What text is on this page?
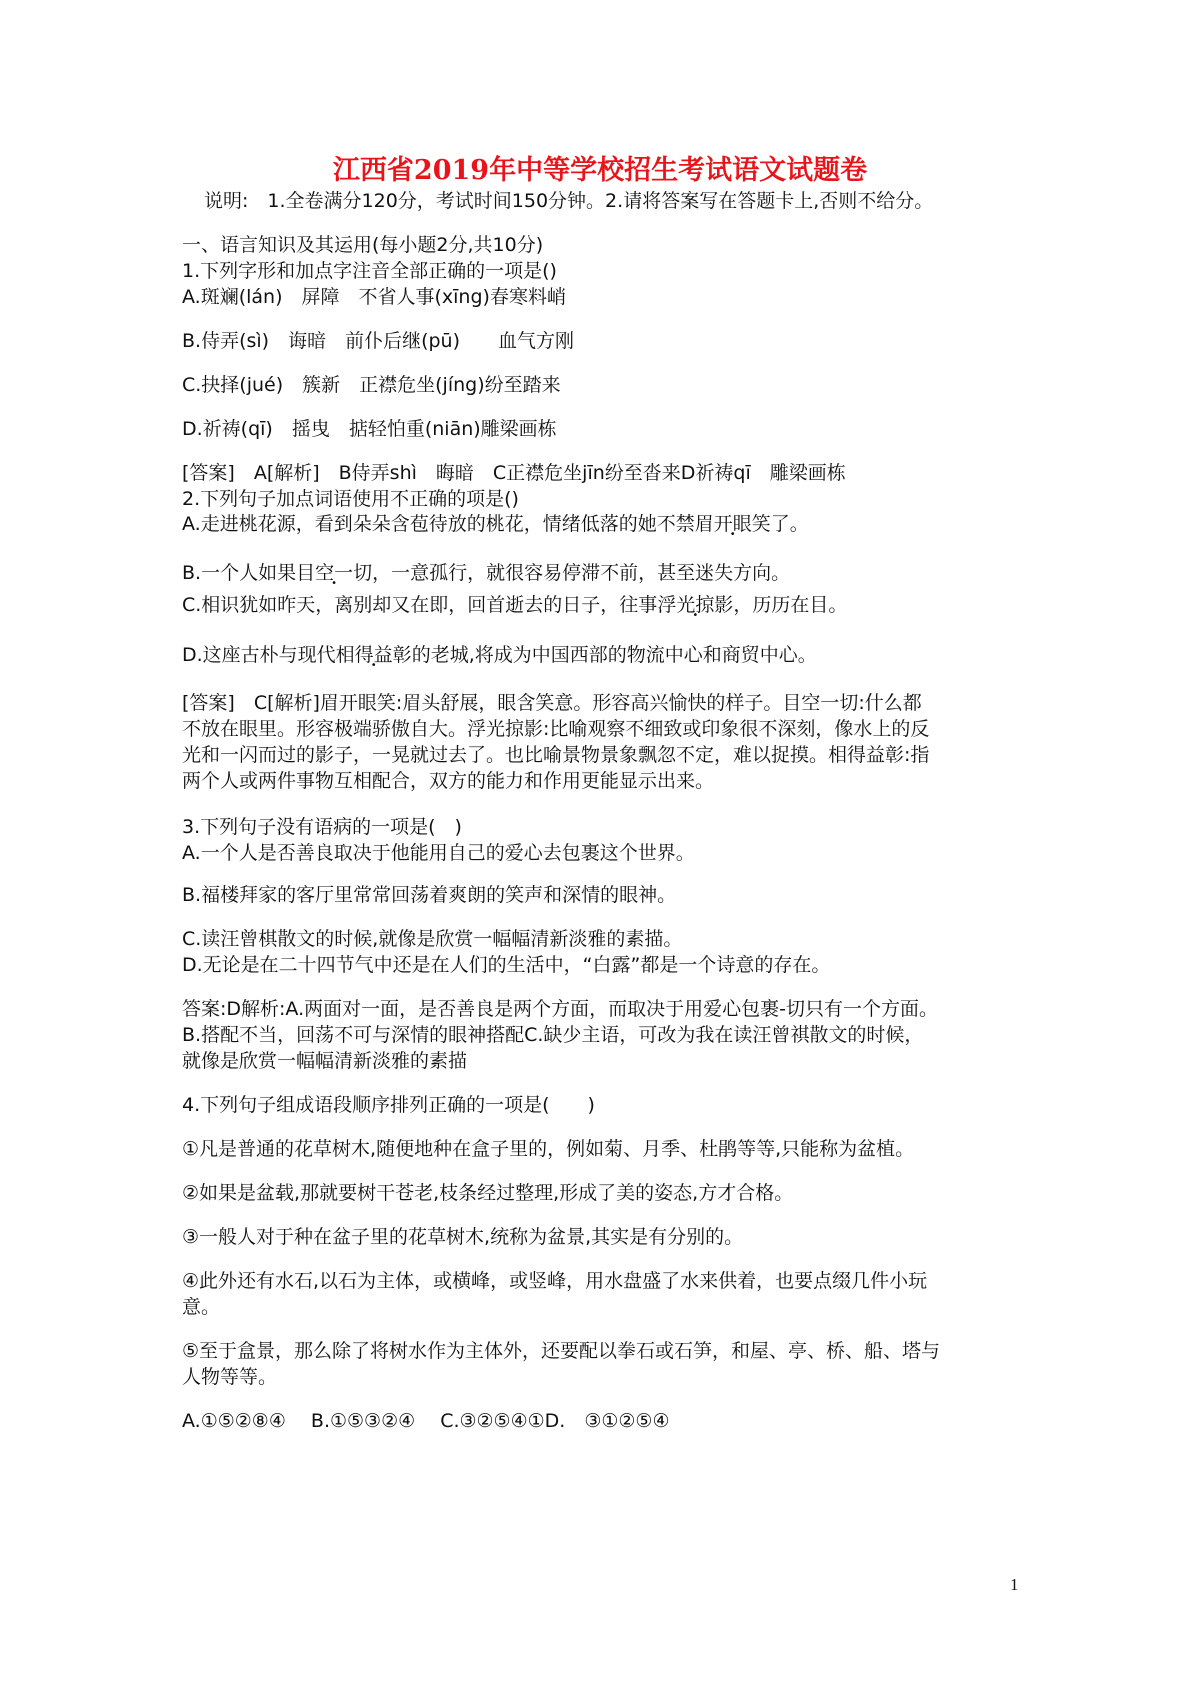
江西省2019年中等学校招生考试语文试题卷
说明:　1.全卷满分120分，考试时间150分钟。2.请将答案写在答题卡上,否则不给分。
一、语言知识及其运用(每小题2分,共10分)
1.下列字形和加点字注音全部正确的一项是()
A.斑斓(lán)　屏障　不省人事(xīng)春寒料峭
B.侍弄(sì)　诲暗　前仆后继(pū)　　血气方刚
C.抉择(jué)　簇新　正襟危坐(jíng)纷至踏来
D.祈祷(qī)　摇曳　掂轻怕重(niān)雕梁画栋
[答案]　A[解析]　B侍弄shì　晦暗　C正襟危坐jīn纷至沓来D祈祷qī　雕梁画栋
2.下列句子加点词语使用不正确的项是()
A.走进桃花源，看到朵朵含苞待放的桃花，情绪低落的她不禁眉开眼笑了。
B.一个人如果目空一切，一意孤行，就很容易停滞不前，甚至迷失方向。
C.相识犹如昨天，离别却又在即，回首逝去的日子，往事浮光掠影，历历在目。
D.这座古朴与现代相得益彰的老城,将成为中国西部的物流中心和商贸中心。
[答案]　C[解析]眉开眼笑:眉头舒展，眼含笑意。形容高兴愉快的样子。目空一切:什么都
不放在眼里。形容极端骄傲自大。浮光掠影:比喻观察不细致或印象很不深刻，像水上的反
光和一闪而过的影子，一晃就过去了。也比喻景物景象飘忽不定，难以捉摸。相得益彰:指
两个人或两件事物互相配合，双方的能力和作用更能显示出来。
3.下列句子没有语病的一项是(　)
A.一个人是否善良取决于他能用自己的爱心去包裹这个世界。
B.福楼拜家的客厅里常常回荡着爽朗的笑声和深情的眼神。
C.读汪曾棋散文的时候,就像是欣赏一幅幅清新淡雅的素描。
D.无论是在二十四节气中还是在人们的生活中，“白露”都是一个诗意的存在。
答案:D解析:A.两面对一面，是否善良是两个方面，而取决于用爱心包裹-切只有一个方面。
B.搭配不当，回荡不可与深情的眼神搭配C.缺少主语，可改为我在读汪曾祺散文的时候，
就像是欣赏一幅幅清新淡雅的素描
4.下列句子组成语段顺序排列正确的一项是(　　)
①凡是普通的花草树木,随便地种在盒子里的，例如菊、月季、杜鹃等等,只能称为盆植。
②如果是盆载,那就要树干苍老,枝条经过整理,形成了美的姿态,方才合格。
③一般人对于种在盆子里的花草树木,统称为盆景,其实是有分别的。
④此外还有水石,以石为主体，或横峰，或竖峰，用水盘盛了水来供着，也要点缀几件小玩
意。
⑤至于盒景，那么除了将树水作为主体外，还要配以拳石或石笋，和屋、亭、桥、船、塔与
人物等等。
A.①⑤②⑧④　 B.①⑤③②④　 C.③②⑤④①D.　③①②⑤④
1
